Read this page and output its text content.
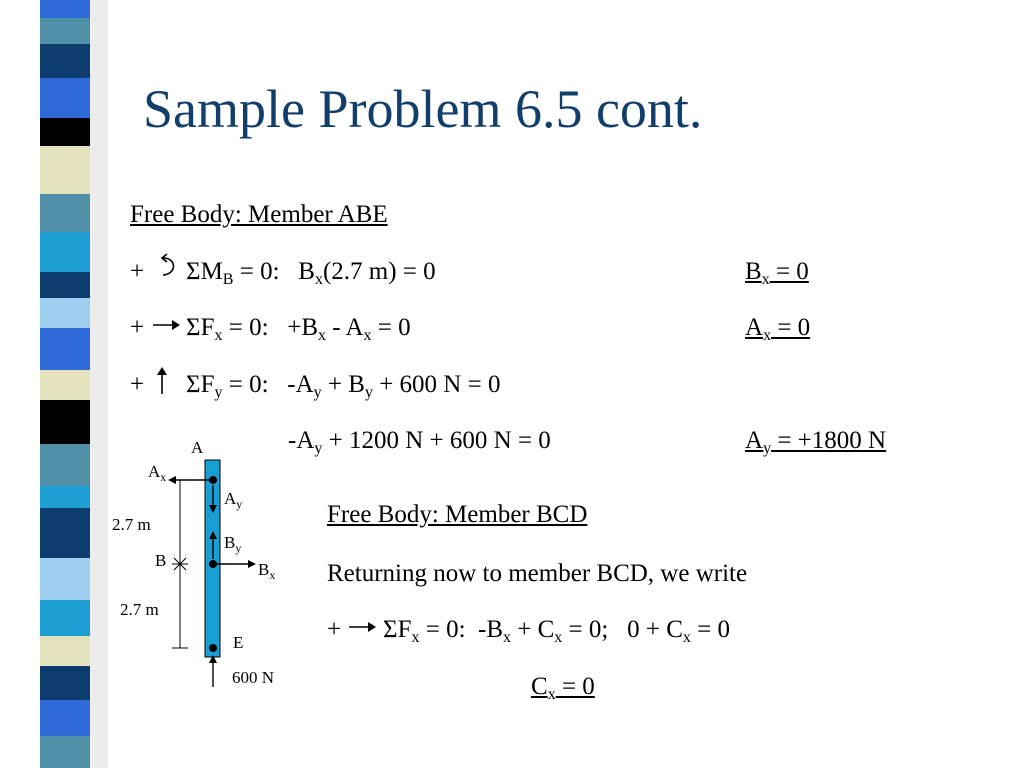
Sample Problem 6.5 cont.
Free Body: Member ABE
+ $\Sigma M_B = 0$:   $B_x(2.7$ m) = 0	$B_x = 0$
+ $\Sigma F_x = 0$:   $+B_x - A_x = 0$	$A_x = 0$
+ $\Sigma F_y = 0$:   $-A_y + B_y + 600$ N = 0
$-A_y + 1200$ N + 600 N = 0	$A_y = +1800$ N
A
$A_x$
$A_y$
$B_y$
$B_x$
B
E
2.7 m
2.7 m
600 N
Free Body: Member BCD
Returning now to member BCD, we write
+ $\Sigma F_x = 0$:  $-B_x + C_x = 0$;   $0 + C_x = 0$
$C_x = 0$
